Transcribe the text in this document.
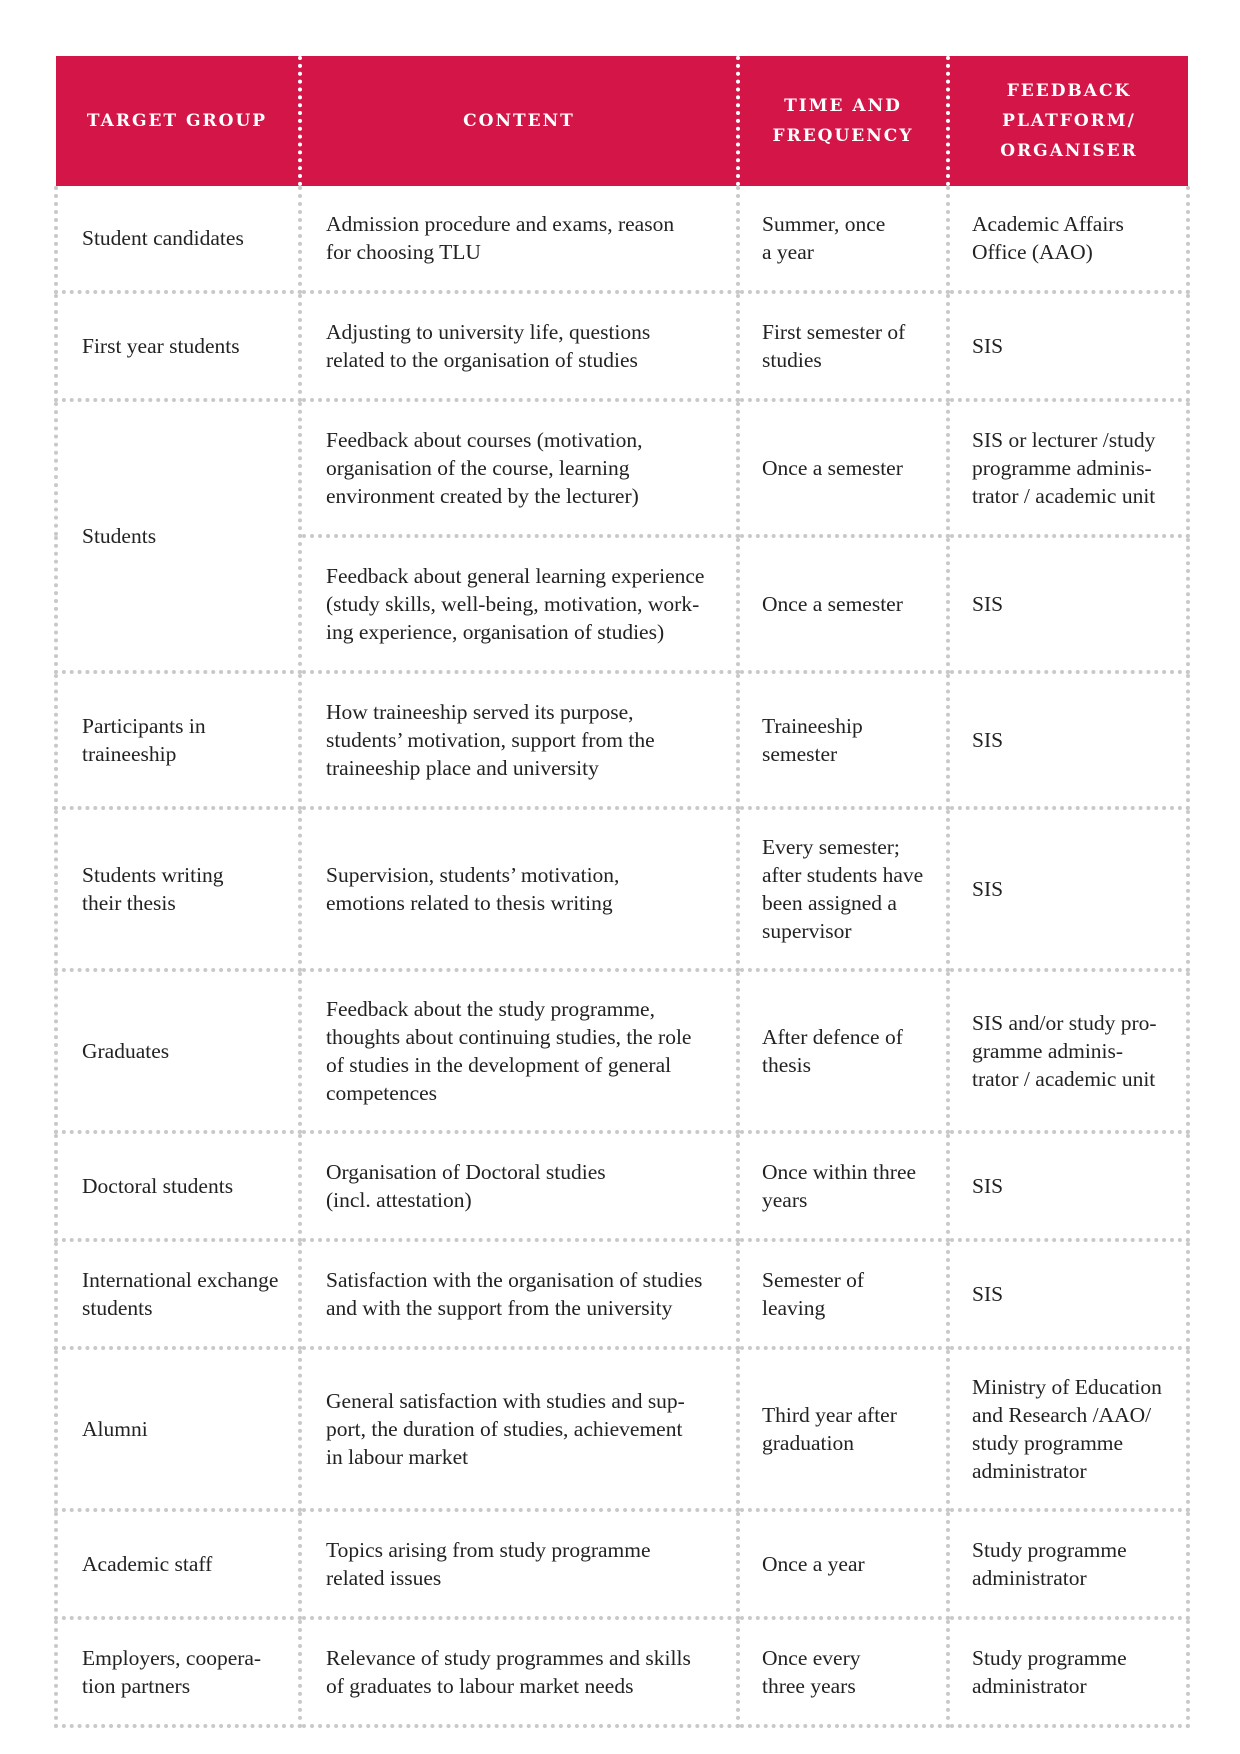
TARGET GROUP	CONTENT	TIME AND
FREQUENCY	FEEDBACK
PLATFORM/
ORGANISER

Student candidates	Admission procedure and exams, reason
for choosing TLU	Summer, once
a year	Academic Affairs
Office (AAO)

First year students	Adjusting to university life, questions
related to the organisation of studies	First semester of
studies	SIS

Students	Feedback about courses (motivation,
organisation of the course, learning
environment created by the lecturer)	Once a semester	SIS or lecturer /study
programme adminis-
trator / academic unit

	Feedback about general learning experience
(study skills, well-being, motivation, work-
ing experience, organisation of studies)	Once a semester	SIS

Participants in
traineeship	How traineeship served its purpose,
students’ motivation, support from the
traineeship place and university	Traineeship
semester	SIS

Students writing
their thesis	Supervision, students’ motivation,
emotions related to thesis writing	Every semester;
after students have
been assigned a
supervisor	SIS

Graduates	Feedback about the study programme,
thoughts about continuing studies, the role
of studies in the development of general
competences	After defence of
thesis	SIS and/or study pro-
gramme adminis-
trator / academic unit

Doctoral students	Organisation of Doctoral studies
(incl. attestation)	Once within three
years	SIS

International exchange
students	Satisfaction with the organisation of studies
and with the support from the university	Semester of
leaving	SIS

Alumni	General satisfaction with studies and sup-
port, the duration of studies, achievement
in labour market	Third year after
graduation	Ministry of Education
and Research /AAO/
study programme
administrator

Academic staff	Topics arising from study programme
related issues	Once a year	Study programme
administrator

Employers, coopera-
tion partners	Relevance of study programmes and skills
of graduates to labour market needs	Once every
three years	Study programme
administrator
